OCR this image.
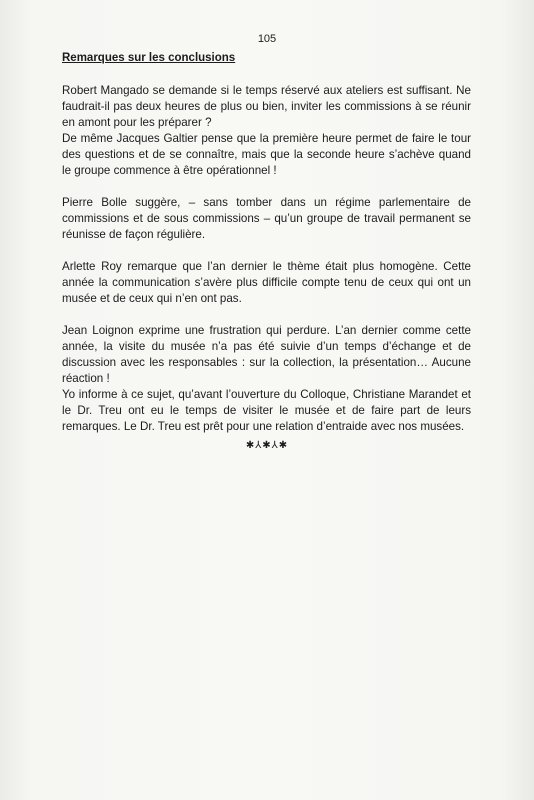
105
Remarques sur les conclusions

Robert Mangado se demande si le temps réservé aux ateliers est suffisant. Ne faudrait-il pas deux heures de plus ou bien, inviter les commissions à se réunir en amont pour les préparer ?

De même Jacques Galtier pense que la première heure permet de faire le tour des questions et de se connaître, mais que la seconde heure s’achève quand le groupe commence à être opérationnel !

Pierre Bolle suggère, – sans tomber dans un régime parlementaire de commissions et de sous commissions – qu’un groupe de travail permanent se réunisse de façon régulière.

Arlette Roy remarque que l’an dernier le thème était plus homogène. Cette année la communication s’avère plus difficile compte tenu de ceux qui ont un musée et de ceux qui n’en ont pas.

Jean Loignon exprime une frustration qui perdure. L’an dernier comme cette année, la visite du musée n’a pas été suivie d’un temps d’échange et de discussion avec les responsables : sur la collection, la présentation… Aucune réaction !

Yo informe à ce sujet, qu’avant l’ouverture du Colloque, Christiane Marandet et le Dr. Treu ont eu le temps de visiter le musée et de faire part de leurs remarques. Le Dr. Treu est prêt pour une relation d’entraide avec nos musées.

✱⅄✱⅄✱
